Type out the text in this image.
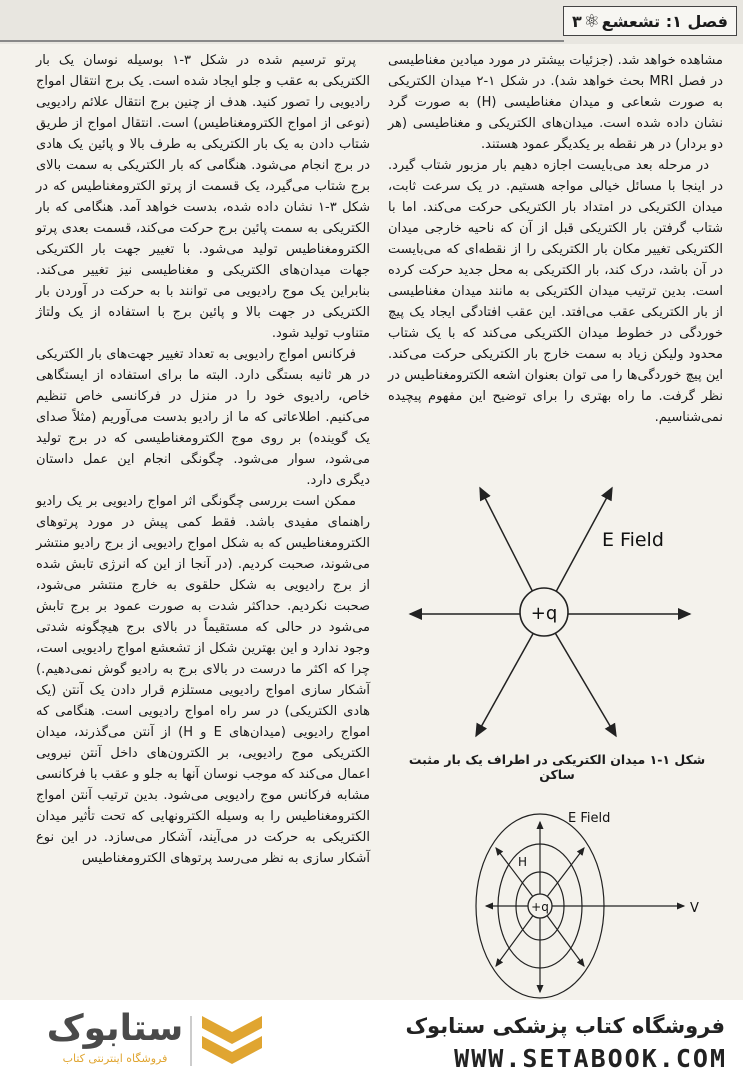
فصل ۱: تشعشع
⚛
۳

مشاهده خواهد شد. (جزئیات بیشتر در مورد میادین مغناطیسی در فصل MRI بحث خواهد شد). در شکل ۱-۲ میدان الکتریکی به صورت شعاعی و میدان مغناطیسی (H) به صورت گرد نشان داده شده است. میدان‌های الکتریکی و مغناطیسی (هر دو بردار) در هر نقطه بر یکدیگر عمود هستند.

در مرحله بعد می‌بایست اجازه دهیم بار مزبور شتاب گیرد. در اینجا با مسائل خیالی مواجه هستیم. در یک سرعت ثابت، میدان الکتریکی در امتداد بار الکتریکی حرکت می‌کند. اما با شتاب گرفتن بار الکتریکی قبل از آن که ناحیه خارجی میدان الکتریکی تغییر مکان بار الکتریکی را از نقطه‌ای که می‌بایست در آن باشد، درک کند، بار الکتریکی به محل جدید حرکت کرده است. بدین ترتیب میدان الکتریکی به مانند میدان مغناطیسی از بار الکتریکی عقب می‌افتد. این عقب افتادگی ایجاد یک پیچ خوردگی در خطوط میدان الکتریکی می‌کند که با یک شتاب محدود ولیکن زیاد به سمت خارج بار الکتریکی حرکت می‌کند. این پیچ خوردگی‌ها را می توان بعنوان اشعه الکترومغناطیس در نظر گرفت. ما راه بهتری را برای توضیح این مفهوم پیچیده نمی‌شناسیم.

پرتو ترسیم شده در شکل ۳-۱ بوسیله نوسان یک بار الکتریکی به عقب و جلو ایجاد شده است. یک برج انتقال امواج رادیویی را تصور کنید. هدف از چنین برج انتقال علائم رادیویی (نوعی از امواج الکترومغناطیس) است. انتقال امواج از طریق شتاب دادن به یک بار الکتریکی به طرف بالا و پائین یک هادی در برج انجام می‌شود. هنگامی که بار الکتریکی به سمت بالای برج شتاب می‌گیرد، یک قسمت از پرتو الکترومغناطیس که در شکل ۳-۱ نشان داده شده، بدست خواهد آمد. هنگامی که بار الکتریکی به سمت پائین برج حرکت می‌کند، قسمت بعدی پرتو الکترومغناطیس تولید می‌شود. با تغییر جهت بار الکتریکی جهات میدان‌های الکتریکی و مغناطیسی نیز تغییر می‌کند. بنابراین یک موج رادیویی می توانند با به حرکت در آوردن بار الکتریکی در جهت بالا و پائین برج با استفاده از یک ولتاژ متناوب تولید شود.

فرکانس امواج رادیویی به تعداد تغییر جهت‌های بار الکتریکی در هر ثانیه بستگی دارد. البته ما برای استفاده از ایستگاهی خاص، رادیوی خود را در منزل در فرکانسی خاص تنظیم می‌کنیم. اطلاعاتی که ما از رادیو بدست می‌آوریم (مثلاً صدای یک گوینده) بر روی موج الکترومغناطیسی که در برج تولید می‌شود، سوار می‌شود. چگونگی انجام این عمل داستان دیگری دارد.

ممکن است بررسی چگونگی اثر امواج رادیویی بر یک رادیو راهنمای مفیدی باشد. فقط کمی پیش در مورد پرتوهای الکترومغناطیس که به شکل امواج رادیویی از برج رادیو منتشر می‌شوند، صحبت کردیم. (در آنجا از این که انرژی تابش شده از برج رادیویی به شکل حلقوی به خارج منتشر می‌شود، صحبت نکردیم. حداکثر شدت به صورت عمود بر برج تابش می‌شود در حالی که مستقیماً در بالای برج هیچگونه شدتی وجود ندارد و این بهترین شکل از تشعشع امواج رادیویی است، چرا که اکثر ما درست در بالای برج به رادیو گوش نمی‌دهیم.) آشکار سازی امواج رادیویی مستلزم قرار دادن یک آنتن (یک هادی الکتریکی) در سر راه امواج رادیویی است. هنگامی که امواج رادیویی (میدان‌های E و H) از آنتن می‌گذرند، میدان الکتریکی موج رادیویی، بر الکترون‌های داخل آنتن نیرویی اعمال می‌کند که موجب نوسان آنها به جلو و عقب با فرکانسی مشابه فرکانس موج رادیویی می‌شود. بدین ترتیب آنتن امواج الکترومغناطیس را به وسیله الکترونهایی که تحت تأثیر میدان الکتریکی به حرکت در می‌آیند، آشکار می‌سازد. در این نوع آشکار سازی به نظر می‌رسد پرتوهای الکترومغناطیس

+q
E Field
شکل ۱-۱ میدان الکتریکی در اطراف یک بار مثبت ساکن
+q
E Field
H
V
ستابوک
فروشگاه اینترنتی کتاب
فروشگاه کتاب پزشکی ستابوک
WWW.SETABOOK.COM
